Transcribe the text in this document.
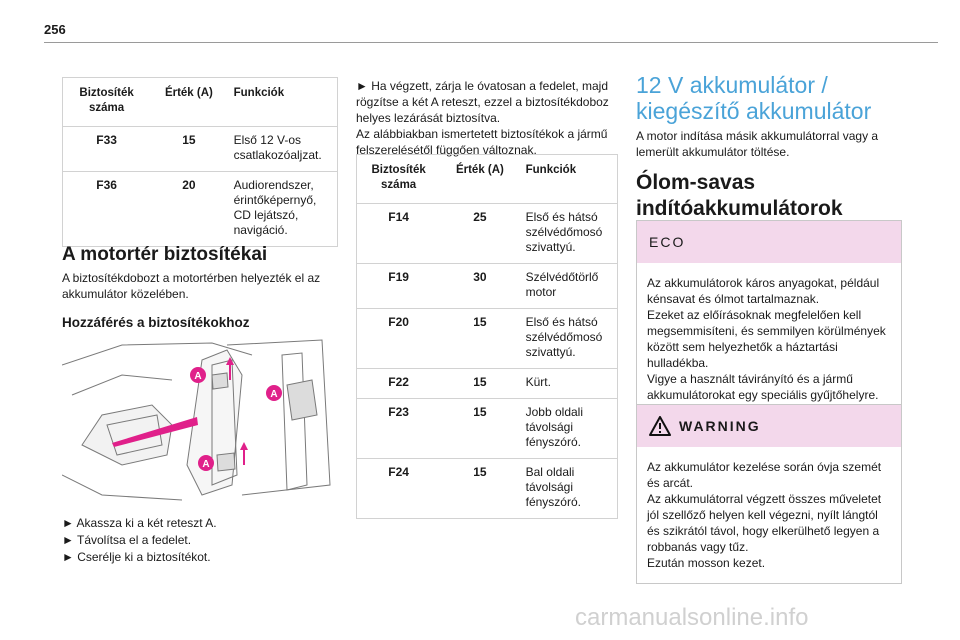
256
Biztosíték száma	Érték (A)	Funkciók
F33	15	Első 12 V-os csatlakozóaljzat.
F36	20	Audiorendszer, érintőképernyő, CD lejátszó, navigáció.
A motortér biztosítékai
A biztosítékdobozt a motortérben helyezték el az akkumulátor közelében.
Hozzáférés a biztosítékokhoz
A
A
A
► Akassza ki a két reteszt A.
► Távolítsa el a fedelet.
► Cserélje ki a biztosítékot.
► Ha végzett, zárja le óvatosan a fedelet, majd rögzítse a két A reteszt, ezzel a biztosítékdoboz helyes lezárását biztosítva.
Az alábbiakban ismertetett biztosítékok a jármű felszerelésétől függően változnak.
Biztosíték száma	Érték (A)	Funkciók
F14	25	Első és hátsó szélvédőmosó szivattyú.
F19	30	Szélvédőtörlő motor
F20	15	Első és hátsó szélvédőmosó szivattyú.
F22	15	Kürt.
F23	15	Jobb oldali távolsági fényszóró.
F24	15	Bal oldali távolsági fényszóró.
12 V akkumulátor / kiegészítő akkumulátor
A motor indítása másik akkumulátorral vagy a lemerült akkumulátor töltése.
Ólom-savas indítóakkumulátorok
ECO
Az akkumulátorok káros anyagokat, például kénsavat és ólmot tartalmaznak.
Ezeket az előírásoknak megfelelően kell megsemmisíteni, és semmilyen körülmények között sem helyezhetők a háztartási hulladékba.
Vigye a használt távirányító és a jármű akkumulátorokat egy speciális gyűjtőhelyre.
WARNING
Az akkumulátor kezelése során óvja szemét és arcát.
Az akkumulátorral végzett összes műveletet jól szellőző helyen kell végezni, nyílt lángtól és szikrától távol, hogy elkerülhető legyen a robbanás vagy tűz.
Ezután mosson kezet.
carmanualsonline.info
